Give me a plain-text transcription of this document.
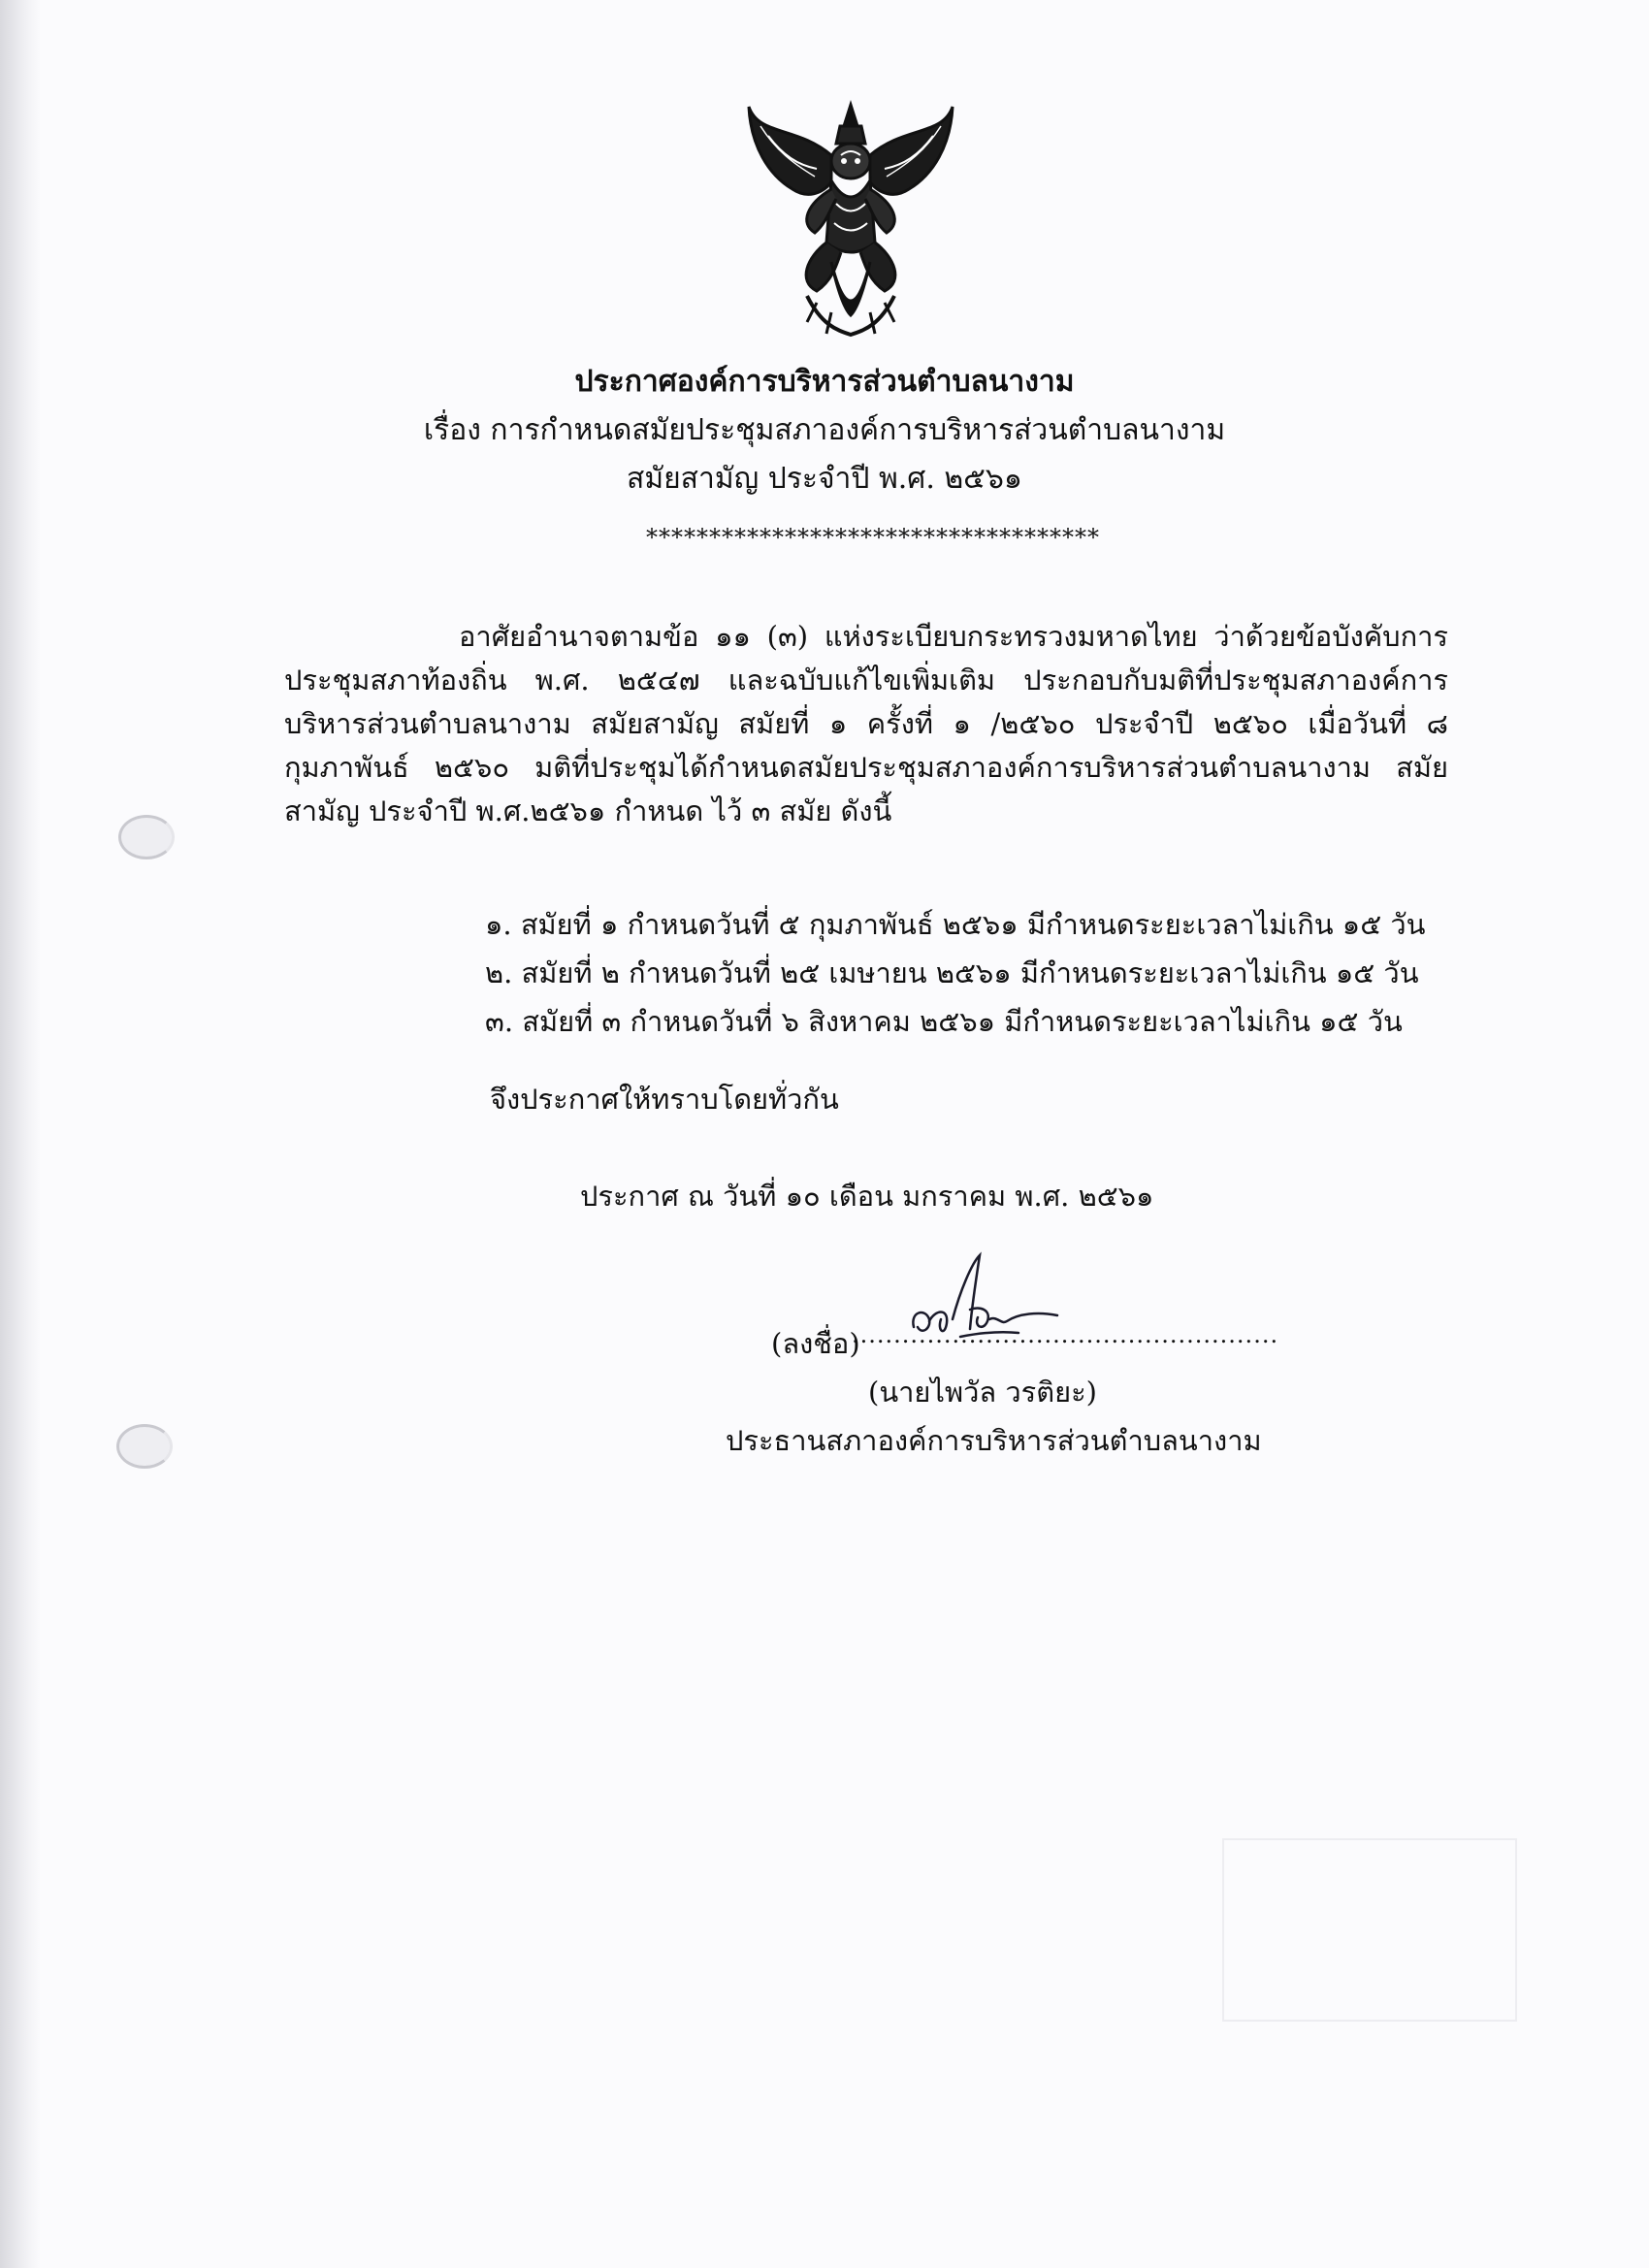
ประกาศองค์การบริหารส่วนตำบลนางาม
เรื่อง การกำหนดสมัยประชุมสภาองค์การบริหารส่วนตำบลนางาม
สมัยสามัญ ประจำปี พ.ศ. ๒๕๖๑
************************************
อาศัยอำนาจตามข้อ ๑๑ (๓) แห่งระเบียบกระทรวงมหาดไทย ว่าด้วยข้อบังคับการประชุมสภาท้องถิ่น พ.ศ. ๒๕๔๗ และฉบับแก้ไขเพิ่มเติม ประกอบกับมติที่ประชุมสภาองค์การบริหารส่วนตำบลนางาม สมัยสามัญ สมัยที่ ๑ ครั้งที่ ๑ /๒๕๖๐ ประจำปี ๒๕๖๐ เมื่อวันที่ ๘ กุมภาพันธ์ ๒๕๖๐ มติที่ประชุมได้กำหนดสมัยประชุมสภาองค์การบริหารส่วนตำบลนางาม สมัยสามัญ ประจำปี พ.ศ.๒๕๖๑ กำหนด ไว้ ๓ สมัย ดังนี้
๑. สมัยที่ ๑ กำหนดวันที่ ๕ กุมภาพันธ์ ๒๕๖๑ มีกำหนดระยะเวลาไม่เกิน ๑๕ วัน
๒. สมัยที่ ๒ กำหนดวันที่ ๒๕ เมษายน ๒๕๖๑ มีกำหนดระยะเวลาไม่เกิน ๑๕ วัน
๓. สมัยที่ ๓ กำหนดวันที่ ๖ สิงหาคม ๒๕๖๑ มีกำหนดระยะเวลาไม่เกิน ๑๕ วัน
จึงประกาศให้ทราบโดยทั่วกัน
ประกาศ ณ วันที่ ๑๐ เดือน มกราคม พ.ศ. ๒๕๖๑
(ลงชื่อ)
...................................................
(นายไพวัล วรติยะ)
ประธานสภาองค์การบริหารส่วนตำบลนางาม
